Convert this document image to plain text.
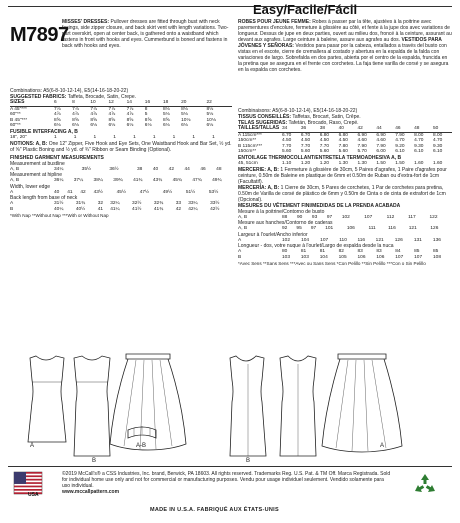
M7897
Easy/Facile/Fácil
MISSES' DRESSES: Pullover dresses are fitted through bust with neck facings, side zipper closure, and back skirt vent with length variations. Two-part overskirt, open at center back, is gathered onto a waistband which fastens in front with hooks and eyes. Cummerbund is boned and fastens in back with hooks and eyes.
ROBES POUR JEUNE FEMME: Robes à passer par la tête, ajustées à la poitrine avec parementures d'encolure, fermeture à glissière au côté, et fente à la jupe dos avec variations de longueur. Dessus de jupe en deux parties, ouvert au milieu dos, froncé à la ceinture, assurant au devant aux agrafes. Large ceinture à baleine, assure aux agrafes au dos. VESTIDOS PARA JÓVENES Y SEÑORAS: Vestidos para pasar por la cabeza, entallados a través del busto con vistas en el escote, cierre de cremallera al costado y abertura en la espalda de la falda con variaciones de largo. Sobrefalda en dos partes, abierta por el centro de la espalda, fruncida en la pretina que se asegura en el frente con corchetes. La faja tiene varilla de corsé y se asegura en la espalda con corchetes.
Combinations: A5(6-8-10-12-14), E5(14-16-18-20-22)
SUGGESTED FABRICS: Taffeta, Brocade, Satin, Crepe.
SIZES	6	8	10	12	14	16	18	20	22
A 45"***	7⅞	7⅞	7⅞	7⅞	7⅞	8	8⅛	8⅛	8⅛
60"**	4⅞	4⅞	4⅞	4⅞	4⅞	5	5⅛	5⅛	5⅛
B 45"***	8⅝	8⅝	8⅝	8⅝	8⅝	8⅝	8⅝	10⅛	10⅛
60"**	6⅛	6⅛	6⅛	6⅛	6⅛	6⅛	6⅛	6⅛	6⅛
FUSIBLE INTERFACING A, B
18", 20"	1	1	1	1	1	1	1	1	1
NOTIONS: A, B: One 12" Zipper, Five Hook and Eye Sets, One Waistband Hook and Bar Set, ½ yd. of ⅝" Plastic Boning and ½ yd. of ¾" Ribbon or Seam Binding (Optional).
FINISHED GARMENT MEASUREMENTS
Measurement at bustline
A, B	34¼	35½	36½	38	40	42	44	46	48
Measurement at hipline
A, B	36¼	37¼	38¼	39¾	41¾	43¾	45¾	47¾	49¾
Width, lower edge
A	40	41	42	43½	45½	47½	49½	51½	53½
Back length from base of neck
A	31½	31¾	32	32¼	32½	32¾	33	33¼	33½
B	40¼	40½	41	41¼	41½	41¾	42	42¼	42½
*With Nap **Without Nap ***With or Without Nap
Combinaisons: A5(6-8-10-12-14), E5(14-16-18-20-22)
TISSUS CONSEILLÉS: Taffetas, Brocart, Satin, Crêpe.
TELAS SUGERIDAS: Tafetán, Brocado, Raso, Crepé.
TAILLES/TALLAS	34	36	38	40	42	44	46	48	50
A 115cm***	6.70	6.70	6.80	6.80	6.90	6.90	7.90	8.00	8.00
150cm**	4.50	4.50	4.50	4.50	4.60	4.60	4.70	4.70	4.70
B 115cm***	7.70	7.70	7.70	7.80	7.90	7.90	9.20	9.30	9.30
150cm**	5.60	5.60	5.60	5.60	5.70	6.00	6.10	6.10	6.10
ENTOILAGE THERMOCOLLANT/ENTRETELA TERMOADHESIVA A, B
45, 51cm	1.10	1.20	1.20	1.30	1.30	1.50	1.50	1.60	1.60
MERCERIE: A, B: 1 Fermeture à glissière de 30cm, 5 Paires d'agrafes, 1 Paire d'agrafes pour ceinture, 0.50m de Baleine en plastique de 6mm et 0.50m de Ruban ou d'extra-fort de 1cm (Facultatif).
MERCERÍA: A, B: 1 Cierre de 30cm, 5 Pares de corchetes, 1 Par de corchetes para pretina, 0.50m de Varilla de corsé de plástico de 6mm y 0.50m de Cinta o de cinta de extrafort de 1cm (Opcional).
MESURES DU VÊTEMENT FINI/MEDIDAS DE LA PRENDA ACABADA
Mesure à la poitrine/Contorno de busto
A, B	88	90	93	97	102	107	112	117	122
Mesure aux hanches/Contorno de caderas
A, B	92	95	97	101	106	111	116	121	126
Largeur à l'ourlet/Ancho inferior
A	102	104	107	110	116	121	126	131	136
Longueur - dos, votre nuque à l'ourlet/Largo de espalda desde la nuca
A	80	81	81	82	83	83	84	85	85
B	103	103	104	105	106	106	107	107	108
*Avec Sens **Sans Sens ***Avec ou Sans Sens *Con Pelillo **Sin Pelillo ***Con o Sin Pelillo
A	A-B
B	B
A
USA
©2019 McCall's® a CSS Industries, Inc. brand, Berwick, PA 18603. All rights reserved. Trademarks Reg. U.S. Pat. & TM Off. Marca Registrada. Sold for individual home use only and not for commercial or manufacturing purposes. Vendu pour usage individuel seulement. Vendido solamente para uso individual.
www.mccallpattern.com
MADE IN U.S.A. FABRIQUÉ AUX ÉTATS-UNIS
